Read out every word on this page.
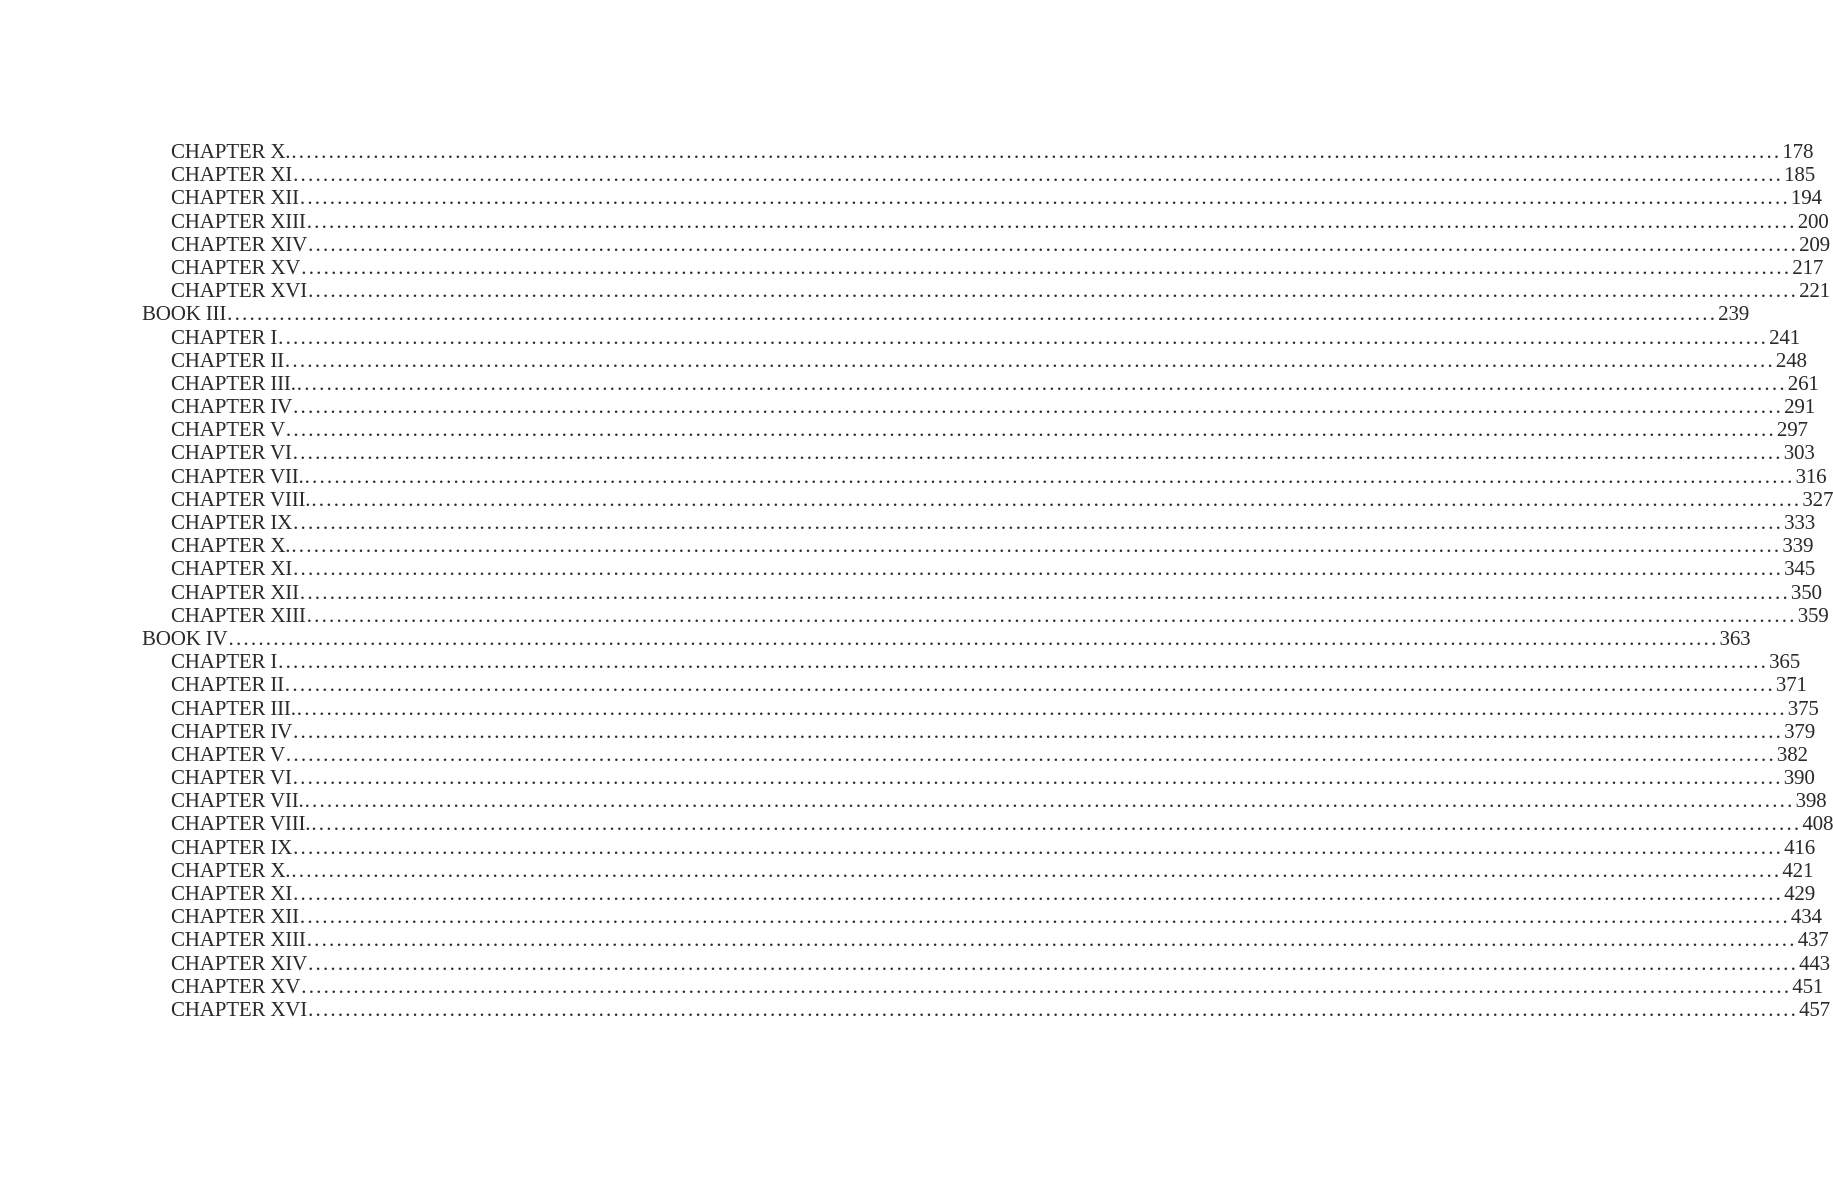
CHAPTER X. ........................................................................................................................................................................................................ 178
CHAPTER XI ........................................................................................................................................................................................................ 185
CHAPTER XII ........................................................................................................................................................................................................ 194
CHAPTER XIII ........................................................................................................................................................................................................ 200
CHAPTER XIV ........................................................................................................................................................................................................ 209
CHAPTER XV ........................................................................................................................................................................................................ 217
CHAPTER XVI ........................................................................................................................................................................................................ 221
BOOK III ........................................................................................................................................................................................................ 239
CHAPTER I ........................................................................................................................................................................................................ 241
CHAPTER II ........................................................................................................................................................................................................ 248
CHAPTER III. ........................................................................................................................................................................................................ 261
CHAPTER IV ........................................................................................................................................................................................................ 291
CHAPTER V ........................................................................................................................................................................................................ 297
CHAPTER VI ........................................................................................................................................................................................................ 303
CHAPTER VII. ........................................................................................................................................................................................................ 316
CHAPTER VIII. ........................................................................................................................................................................................................ 327
CHAPTER IX ........................................................................................................................................................................................................ 333
CHAPTER X. ........................................................................................................................................................................................................ 339
CHAPTER XI ........................................................................................................................................................................................................ 345
CHAPTER XII ........................................................................................................................................................................................................ 350
CHAPTER XIII ........................................................................................................................................................................................................ 359
BOOK IV ........................................................................................................................................................................................................ 363
CHAPTER I ........................................................................................................................................................................................................ 365
CHAPTER II ........................................................................................................................................................................................................ 371
CHAPTER III. ........................................................................................................................................................................................................ 375
CHAPTER IV ........................................................................................................................................................................................................ 379
CHAPTER V ........................................................................................................................................................................................................ 382
CHAPTER VI ........................................................................................................................................................................................................ 390
CHAPTER VII. ........................................................................................................................................................................................................ 398
CHAPTER VIII. ........................................................................................................................................................................................................ 408
CHAPTER IX ........................................................................................................................................................................................................ 416
CHAPTER X. ........................................................................................................................................................................................................ 421
CHAPTER XI ........................................................................................................................................................................................................ 429
CHAPTER XII ........................................................................................................................................................................................................ 434
CHAPTER XIII ........................................................................................................................................................................................................ 437
CHAPTER XIV ........................................................................................................................................................................................................ 443
CHAPTER XV ........................................................................................................................................................................................................ 451
CHAPTER XVI ........................................................................................................................................................................................................ 457
